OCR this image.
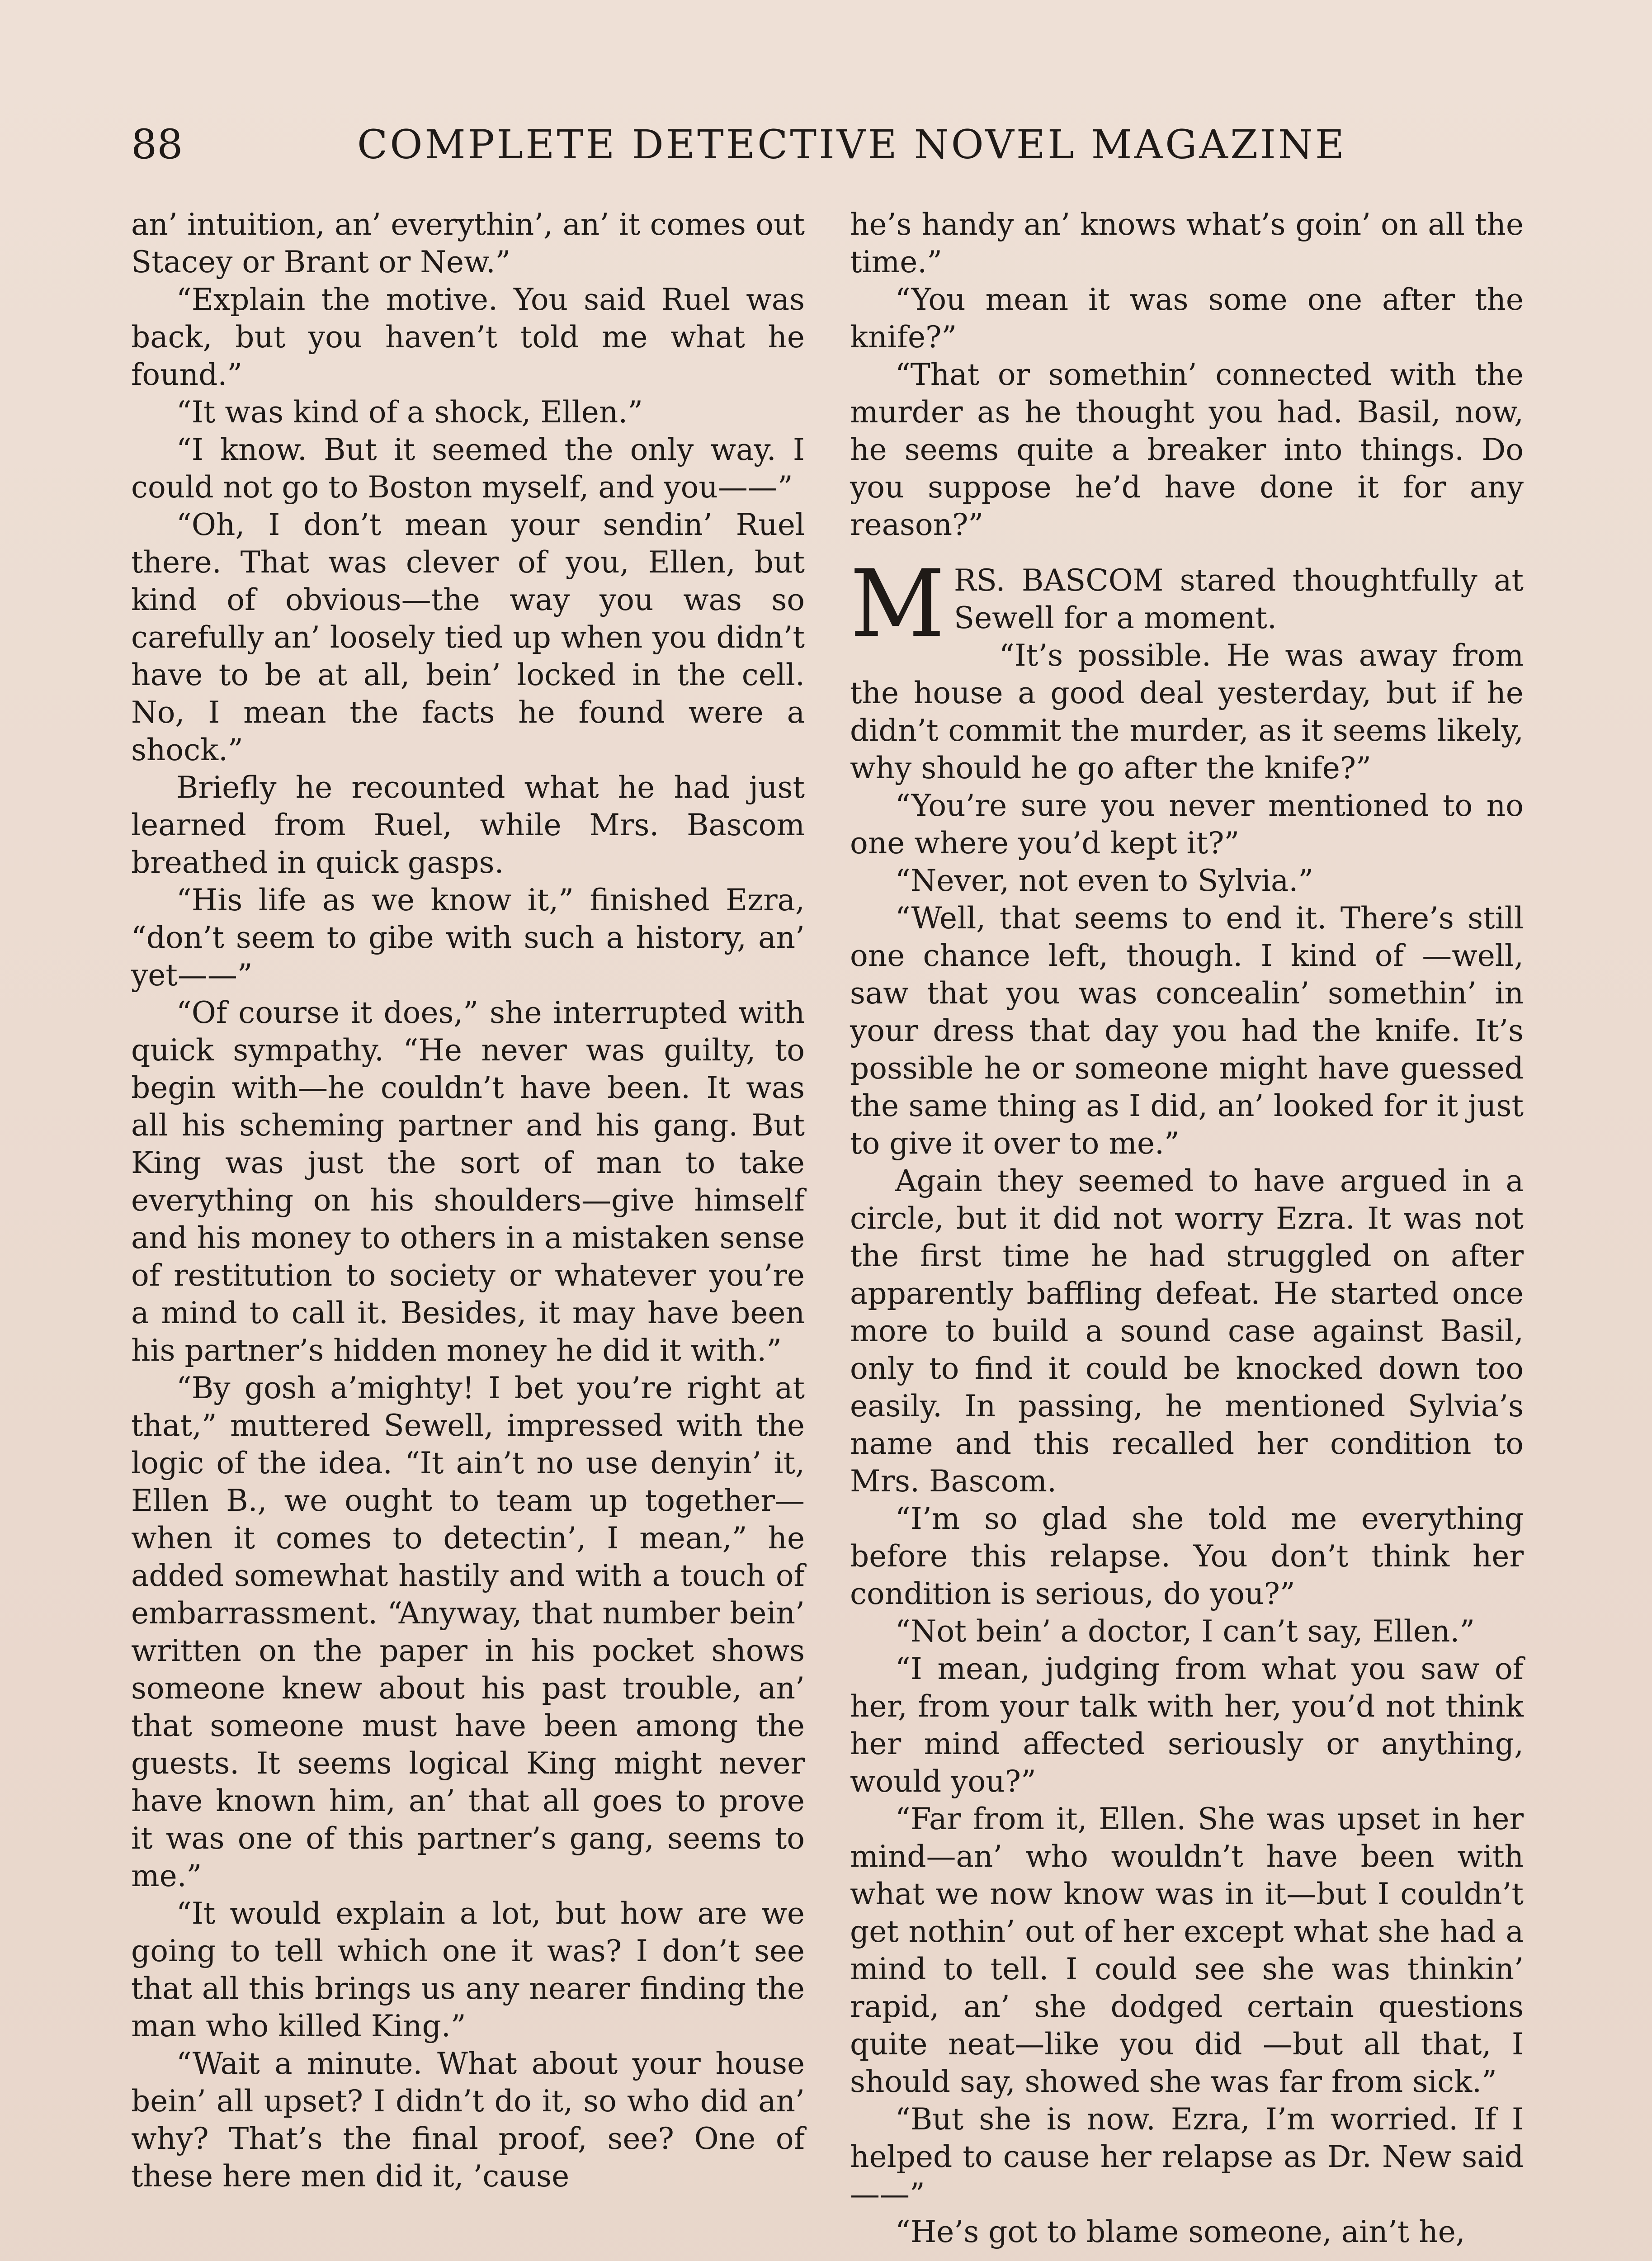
88	COMPLETE DETECTIVE NOVEL MAGAZINE

an’ intuition, an’ everythin’, an’ it comes out Stacey or Brant or New.”

“Explain the motive. You said Ruel was back, but you haven’t told me what he found.”

“It was kind of a shock, Ellen.”

“I know. But it seemed the only way. I could not go to Boston myself, and you——”

“Oh, I don’t mean your sendin’ Ruel there. That was clever of you, Ellen, but kind of obvious—the way you was so carefully an’ loosely tied up when you didn’t have to be at all, bein’ locked in the cell. No, I mean the facts he found were a shock.”

Briefly he recounted what he had just learned from Ruel, while Mrs. Bascom breathed in quick gasps.

“His life as we know it,” finished Ezra, “don’t seem to gibe with such a history, an’ yet——”

“Of course it does,” she interrupted with quick sympathy. “He never was guilty, to begin with—he couldn’t have been. It was all his scheming partner and his gang. But King was just the sort of man to take everything on his shoulders—give himself and his money to others in a mistaken sense of restitution to society or whatever you’re a mind to call it. Besides, it may have been his partner’s hidden money he did it with.”

“By gosh a’mighty! I bet you’re right at that,” muttered Sewell, impressed with the logic of the idea. “It ain’t no use denyin’ it, Ellen B., we ought to team up together—when it comes to detectin’, I mean,” he added somewhat hastily and with a touch of embarrassment. “Anyway, that number bein’ written on the paper in his pocket shows someone knew about his past trouble, an’ that someone must have been among the guests. It seems logical King might never have known him, an’ that all goes to prove it was one of this partner’s gang, seems to me.”

“It would explain a lot, but how are we going to tell which one it was? I don’t see that all this brings us any nearer finding the man who killed King.”

“Wait a minute. What about your house bein’ all upset? I didn’t do it, so who did an’ why? That’s the final proof, see? One of these here men did it, ’cause

he’s handy an’ knows what’s goin’ on all the time.”

“You mean it was some one after the knife?”

“That or somethin’ connected with the murder as he thought you had. Basil, now, he seems quite a breaker into things. Do you suppose he’d have done it for any reason?”

MRS. BASCOM stared thoughtfully at Sewell for a moment.

“It’s possible. He was away from the house a good deal yesterday, but if he didn’t commit the murder, as it seems likely, why should he go after the knife?”

“You’re sure you never mentioned to no one where you’d kept it?”

“Never, not even to Sylvia.”

“Well, that seems to end it. There’s still one chance left, though. I kind of —well, saw that you was concealin’ somethin’ in your dress that day you had the knife. It’s possible he or someone might have guessed the same thing as I did, an’ looked for it just to give it over to me.”

Again they seemed to have argued in a circle, but it did not worry Ezra. It was not the first time he had struggled on after apparently baffling defeat. He started once more to build a sound case against Basil, only to find it could be knocked down too easily. In passing, he mentioned Sylvia’s name and this recalled her condition to Mrs. Bascom.

“I’m so glad she told me everything before this relapse. You don’t think her condition is serious, do you?”

“Not bein’ a doctor, I can’t say, Ellen.”

“I mean, judging from what you saw of her, from your talk with her, you’d not think her mind affected seriously or anything, would you?”

“Far from it, Ellen. She was upset in her mind—an’ who wouldn’t have been with what we now know was in it—but I couldn’t get nothin’ out of her except what she had a mind to tell. I could see she was thinkin’ rapid, an’ she dodged certain questions quite neat—like you did —but all that, I should say, showed she was far from sick.”

“But she is now. Ezra, I’m worried. If I helped to cause her relapse as Dr. New said——”

“He’s got to blame someone, ain’t he,
